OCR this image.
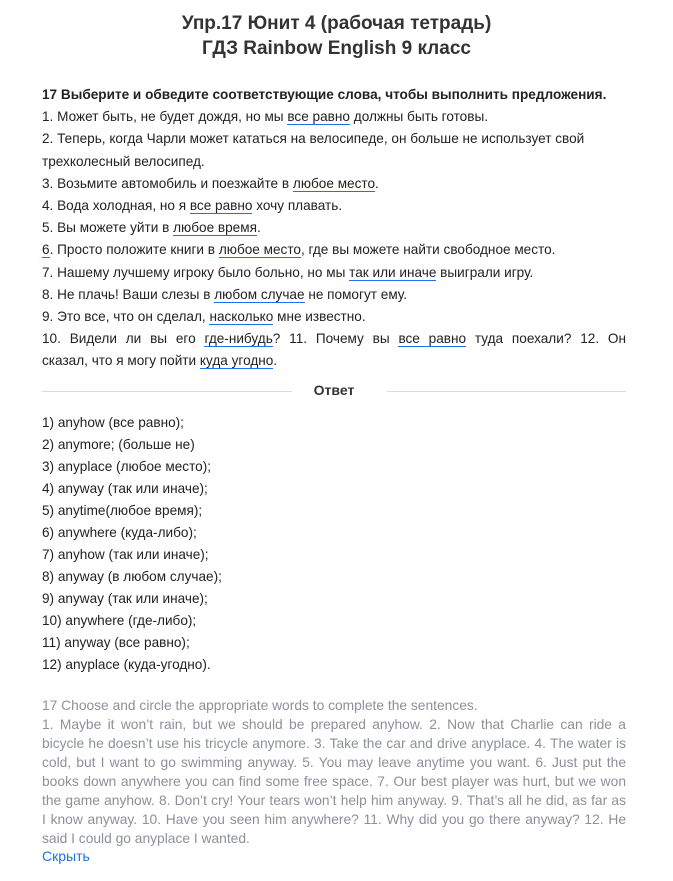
Упр.17 Юнит 4 (рабочая тетрадь)
ГДЗ Rainbow English 9 класс
17 Выберите и обведите соответствующие слова, чтобы выполнить предложения.
1. Может быть, не будет дождя, но мы все равно должны быть готовы.
2. Теперь, когда Чарли может кататься на велосипеде, он больше не использует свой
трехколесный велосипед.
3. Возьмите автомобиль и поезжайте в любое место.
4. Вода холодная, но я все равно хочу плавать.
5. Вы можете уйти в любое время.
6. Просто положите книги в любое место, где вы можете найти свободное место.
7. Нашему лучшему игроку было больно, но мы так или иначе выиграли игру.
8. Не плачь! Ваши слезы в любом случае не помогут ему.
9. Это все, что он сделал, насколько мне известно.
10. Видели ли вы его где-нибудь? 11. Почему вы все равно туда поехали? 12. Он
сказал, что я могу пойти куда угодно.
Ответ
1) anyhow (все равно);
2) anymore; (больше не)
3) anyplace (любое место);
4) anyway (так или иначе);
5) anytime(любое время);
6) anywhere (куда-либо);
7) anyhow (так или иначе);
8) anyway (в любом случае);
9) anyway (так или иначе);
10) anywhere (где-либо);
11) anyway (все равно);
12) anyplace (куда-угодно).
17 Choose and circle the appropriate words to complete the sentences.
1. Maybe it won’t rain, but we should be prepared anyhow. 2. Now that Charlie can ride a bicycle he doesn’t use his tricycle anymore. 3. Take the car and drive anyplace. 4. The water is cold, but I want to go swimming anyway. 5. You may leave anytime you want. 6. Just put the books down anywhere you can find some free space. 7. Our best player was hurt, but we won the game anyhow. 8. Don’t cry! Your tears won’t help him anyway. 9. That’s all he did, as far as I know anyway. 10. Have you seen him anywhere? 11. Why did you go there anyway? 12. He said I could go anyplace I wanted.
Скрыть
